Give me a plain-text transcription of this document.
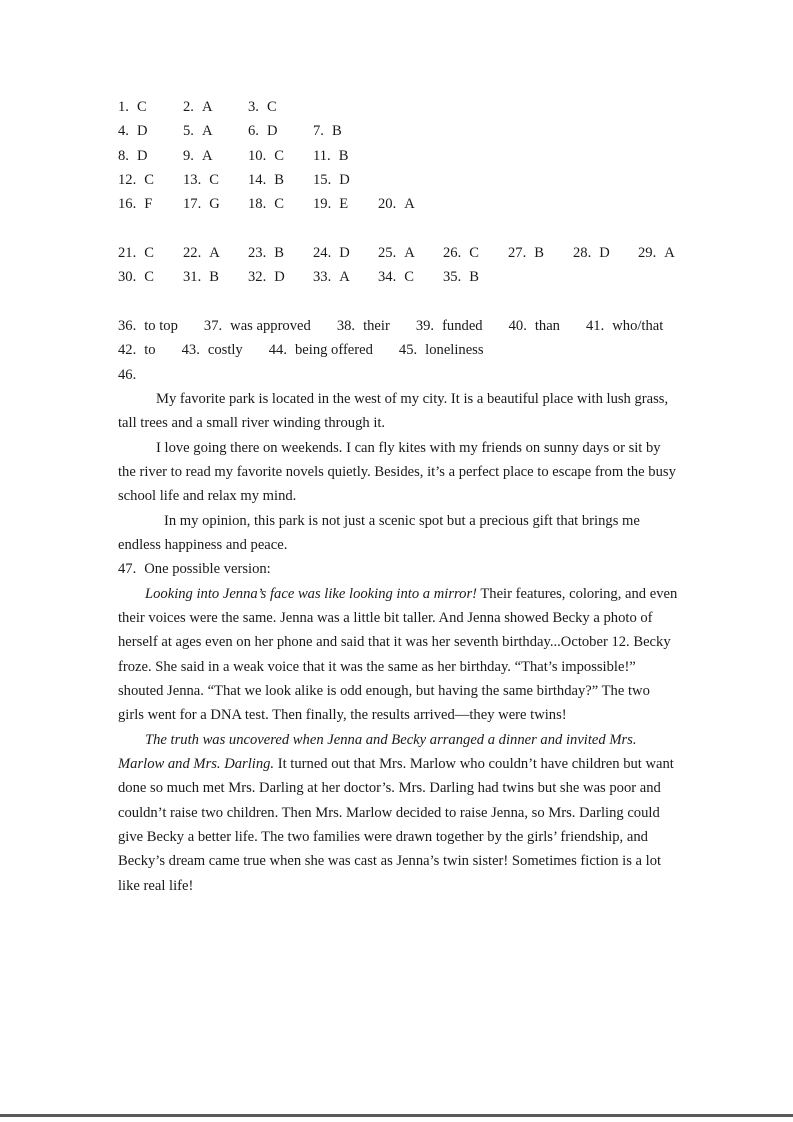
1. C 2. A 3. C
4. D 5. A 6. D 7. B
8. D 9. A 10. C 11. B
12. C 13. C 14. B 15. D
16. F 17. G 18. C 19. E 20. A
21. C 22. A 23. B 24. D 25. A 26. C 27. B 28. D 29. A
30. C 31. B 32. D 33. A 34. C 35. B
36. to top 37. was approved 38. their 39. funded 40. than 41. who/that
42. to 43. costly 44. being offered 45. loneliness
46.

My favorite park is located in the west of my city. It is a beautiful place with lush grass, tall trees and a small river winding through it.

I love going there on weekends. I can fly kites with my friends on sunny days or sit by the river to read my favorite novels quietly. Besides, it’s a perfect place to escape from the busy school life and relax my mind.

In my opinion, this park is not just a scenic spot but a precious gift that brings me endless happiness and peace.

47. One possible version:

Looking into Jenna’s face was like looking into a mirror! Their features, coloring, and even their voices were the same. Jenna was a little bit taller. And Jenna showed Becky a photo of herself at ages even on her phone and said that it was her seventh birthday...October 12. Becky froze. She said in a weak voice that it was the same as her birthday. “That’s impossible!” shouted Jenna. “That we look alike is odd enough, but having the same birthday?” The two girls went for a DNA test. Then finally, the results arrived—they were twins!

The truth was uncovered when Jenna and Becky arranged a dinner and invited Mrs. Marlow and Mrs. Darling. It turned out that Mrs. Marlow who couldn’t have children but want done so much met Mrs. Darling at her doctor’s. Mrs. Darling had twins but she was poor and couldn’t raise two children. Then Mrs. Marlow decided to raise Jenna, so Mrs. Darling could give Becky a better life. The two families were drawn together by the girls’ friendship, and Becky’s dream came true when she was cast as Jenna’s twin sister! Sometimes fiction is a lot like real life!
